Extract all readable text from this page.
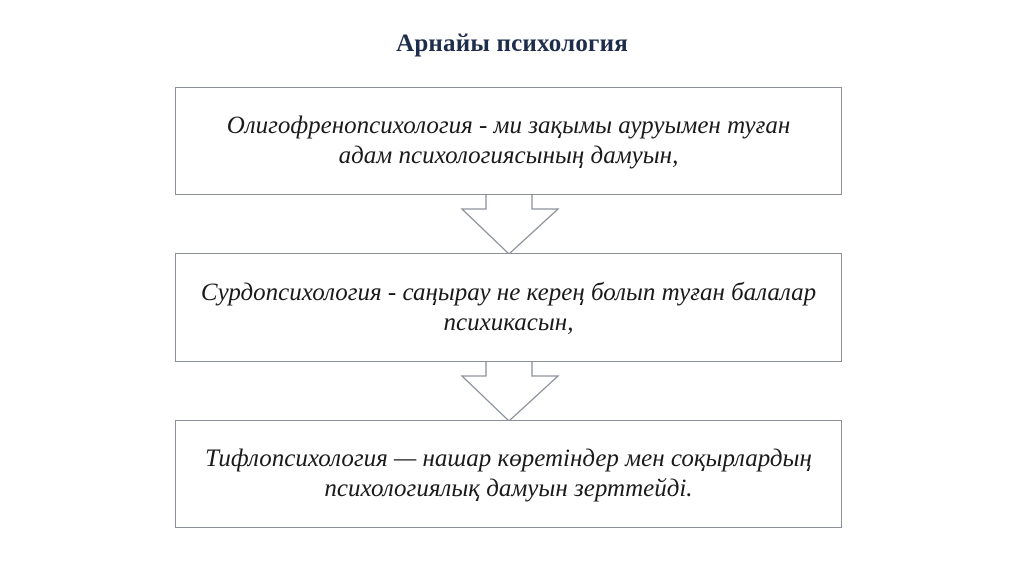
Арнайы психология
Олигофренопсихология - ми зақымы ауруымен туған
адам психологиясының дамуын,
Сурдопсихология - саңырау не кереӊ болып туған балалар
психикасын,
Тифлопсихология — нашар көретіндер мен соқырлардың
психологиялық дамуын зерттейді.
